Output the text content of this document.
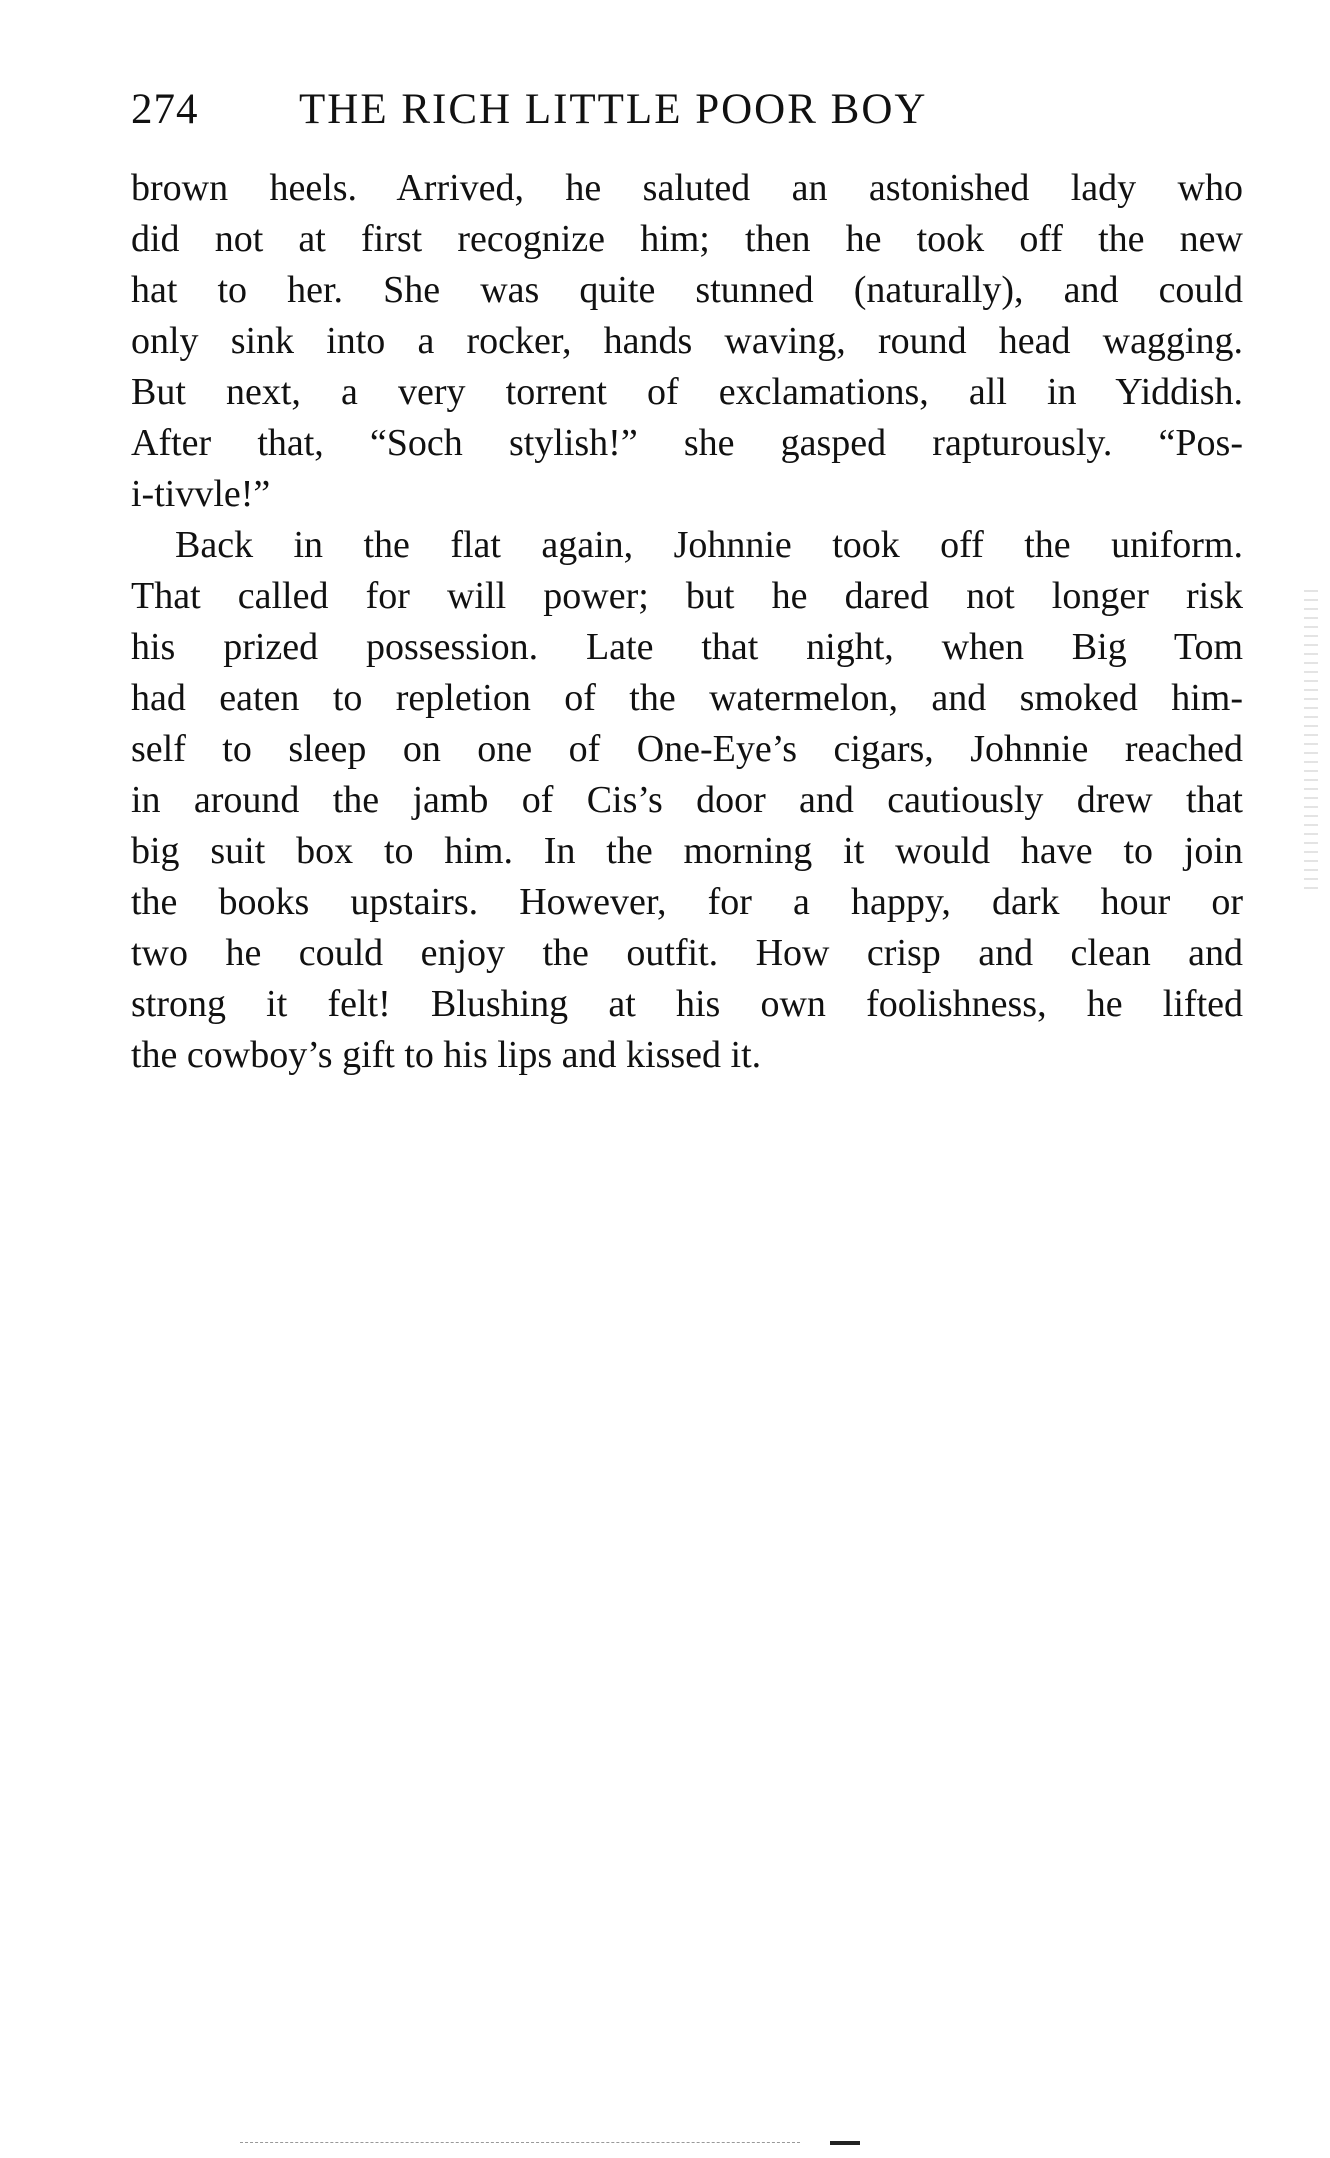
274 THE RICH LITTLE POOR BOY
brown heels. Arrived, he saluted an astonished lady who
did not at first recognize him; then he took off the new
hat to her. She was quite stunned (naturally), and could
only sink into a rocker, hands waving, round head wagging.
But next, a very torrent of exclamations, all in Yiddish.
After that, “Soch stylish!” she gasped rapturously. “Pos-
i-tivvle!”
Back in the flat again, Johnnie took off the uniform.
That called for will power; but he dared not longer risk
his prized possession. Late that night, when Big Tom
had eaten to repletion of the watermelon, and smoked him-
self to sleep on one of One-Eye’s cigars, Johnnie reached
in around the jamb of Cis’s door and cautiously drew that
big suit box to him. In the morning it would have to join
the books upstairs. However, for a happy, dark hour or
two he could enjoy the outfit. How crisp and clean and
strong it felt! Blushing at his own foolishness, he lifted
the cowboy’s gift to his lips and kissed it.
